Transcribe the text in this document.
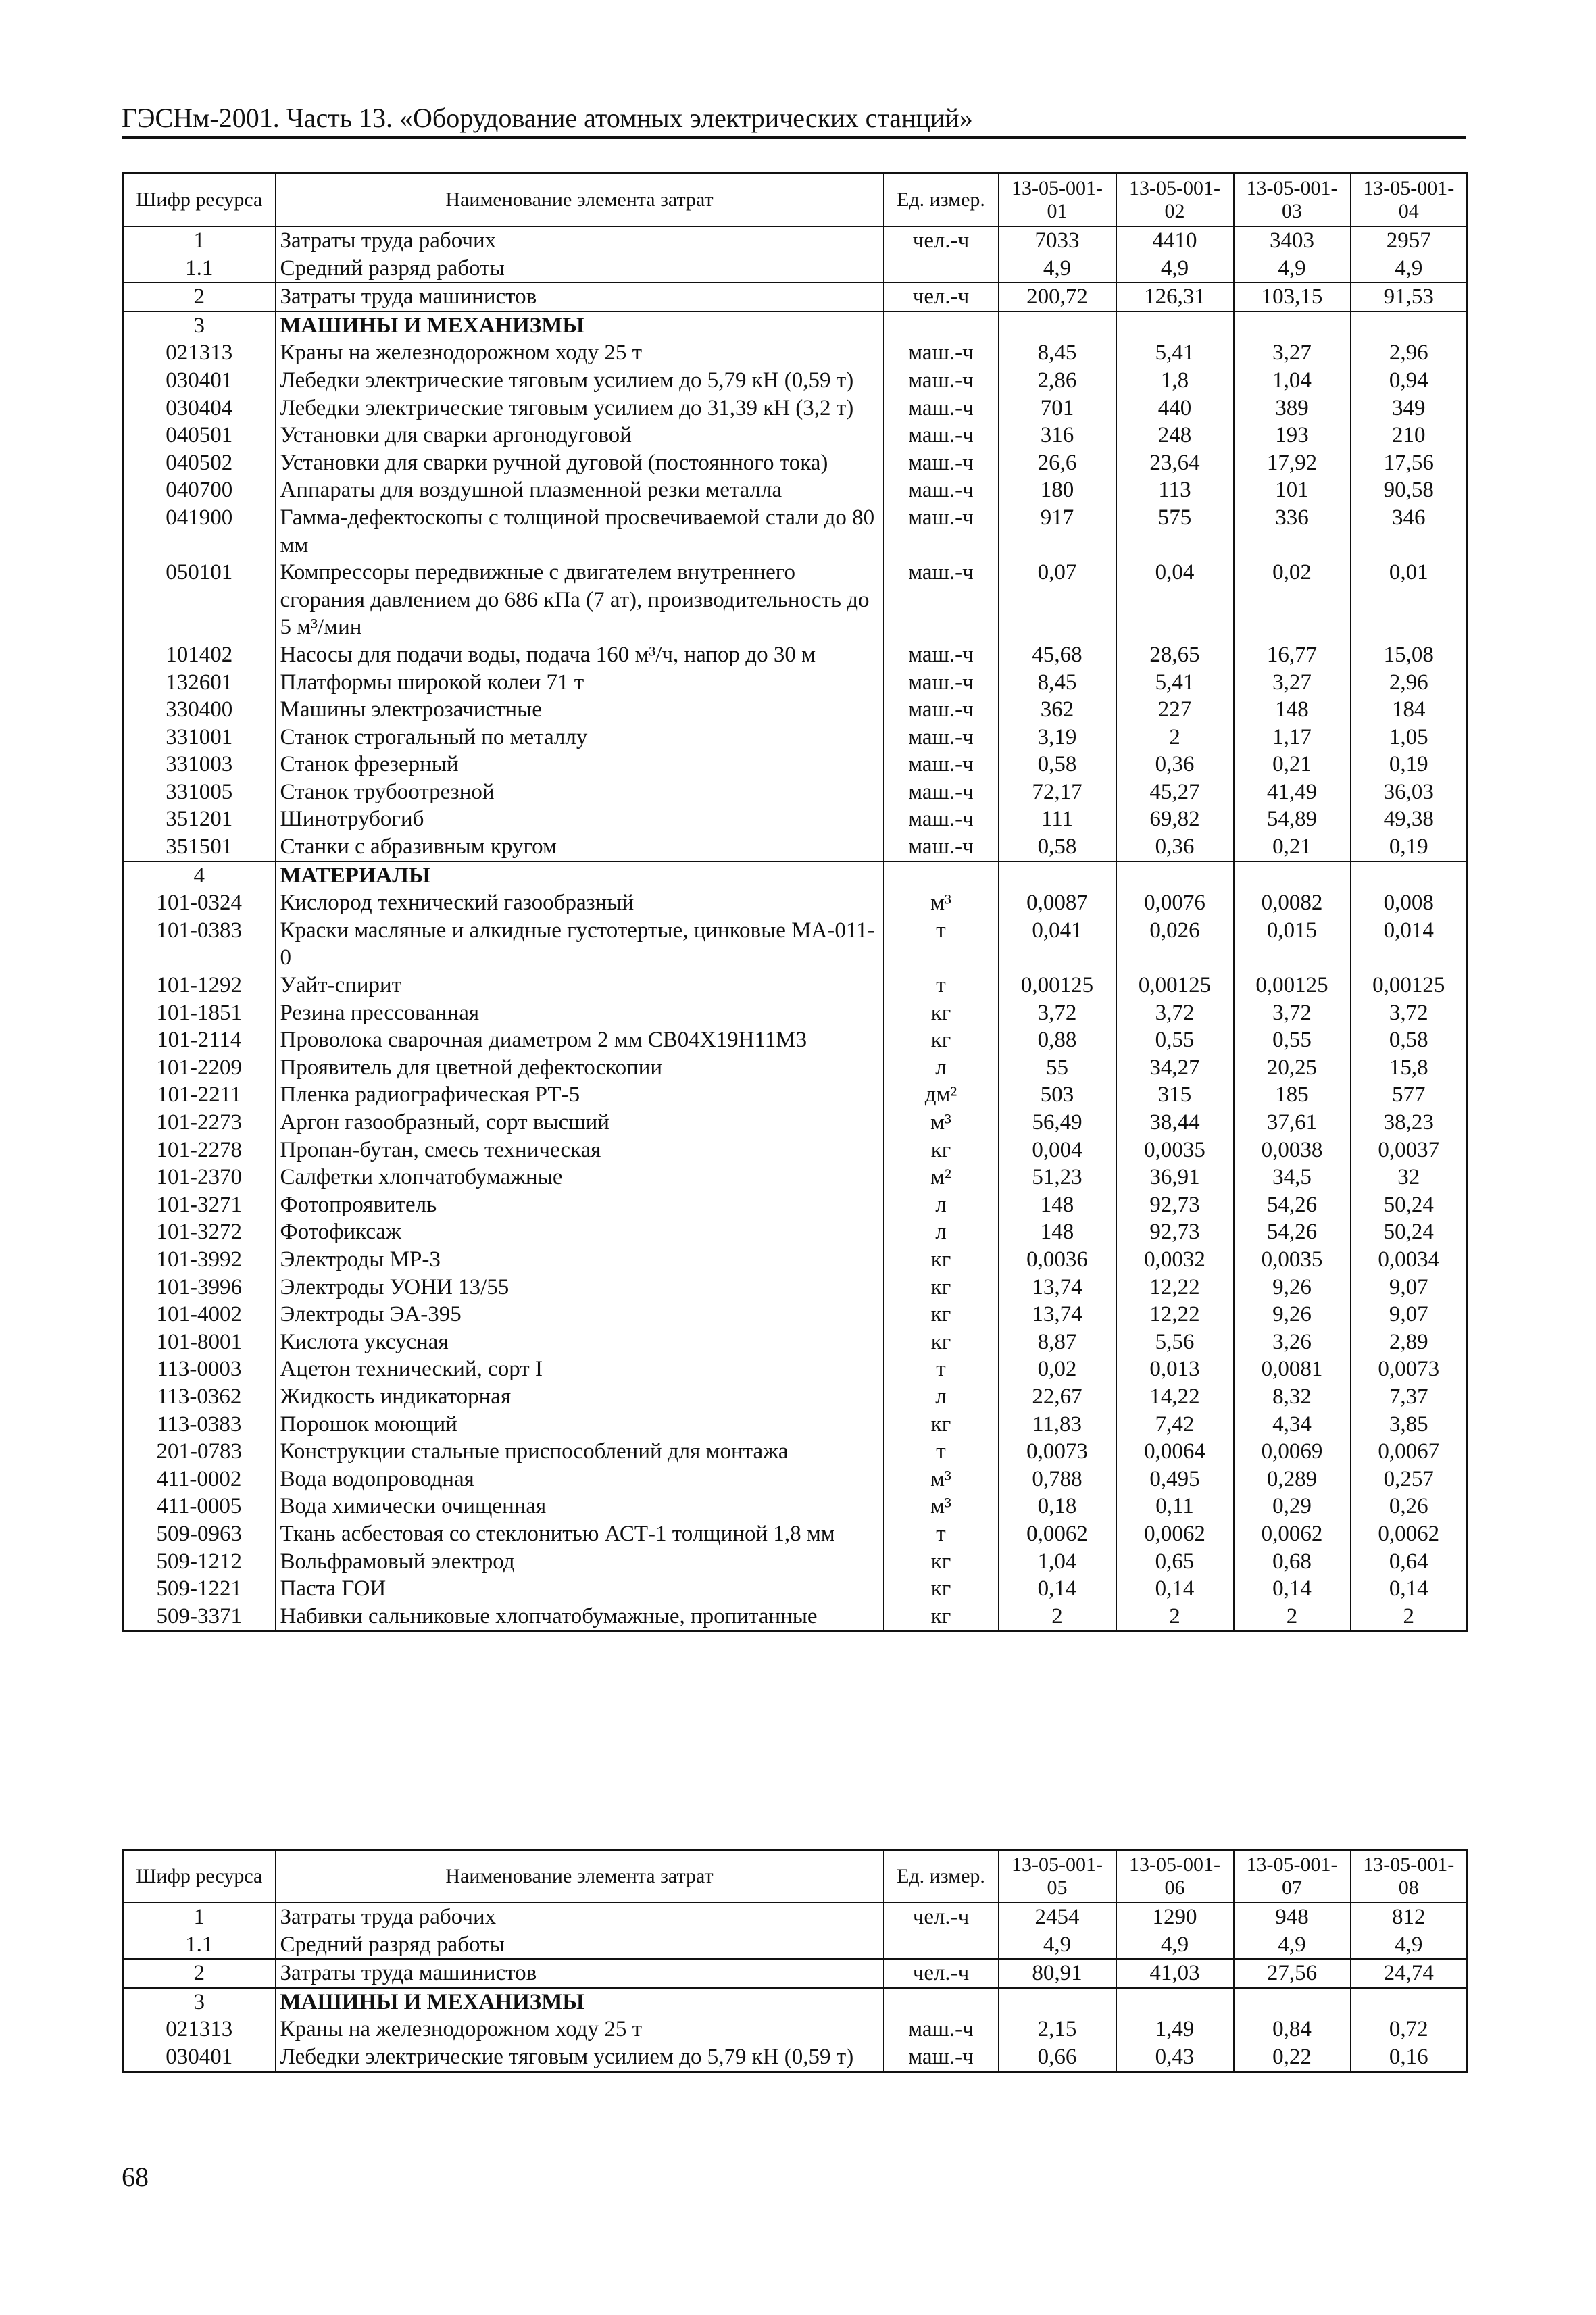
ГЭСНм-2001. Часть 13. «Оборудование атомных электрических станций»
Шифр ресурса	Наименование элемента затрат	Ед. измер.	13-05-001-01	13-05-001-02	13-05-001-03	13-05-001-04
1	Затраты труда рабочих	чел.-ч	7033	4410	3403	2957
1.1	Средний разряд работы		4,9	4,9	4,9	4,9
2	Затраты труда машинистов	чел.-ч	200,72	126,31	103,15	91,53
3	МАШИНЫ И МЕХАНИЗМЫ					
021313	Краны на железнодорожном ходу 25 т	маш.-ч	8,45	5,41	3,27	2,96
030401	Лебедки электрические тяговым усилием до 5,79 кН (0,59 т)	маш.-ч	2,86	1,8	1,04	0,94
030404	Лебедки электрические тяговым усилием до 31,39 кН (3,2 т)	маш.-ч	701	440	389	349
040501	Установки для сварки аргонодуговой	маш.-ч	316	248	193	210
040502	Установки для сварки ручной дуговой (постоянного тока)	маш.-ч	26,6	23,64	17,92	17,56
040700	Аппараты для воздушной плазменной резки металла	маш.-ч	180	113	101	90,58
041900	Гамма-дефектоскопы с толщиной просвечиваемой стали до 80 мм	маш.-ч	917	575	336	346
050101	Компрессоры передвижные с двигателем внутреннего сгорания давлением до 686 кПа (7 ат), производительность до 5 м³/мин	маш.-ч	0,07	0,04	0,02	0,01
101402	Насосы для подачи воды, подача 160 м³/ч, напор до 30 м	маш.-ч	45,68	28,65	16,77	15,08
132601	Платформы широкой колеи 71 т	маш.-ч	8,45	5,41	3,27	2,96
330400	Машины электрозачистные	маш.-ч	362	227	148	184
331001	Станок строгальный по металлу	маш.-ч	3,19	2	1,17	1,05
331003	Станок фрезерный	маш.-ч	0,58	0,36	0,21	0,19
331005	Станок трубоотрезной	маш.-ч	72,17	45,27	41,49	36,03
351201	Шинотрубогиб	маш.-ч	111	69,82	54,89	49,38
351501	Станки с абразивным кругом	маш.-ч	0,58	0,36	0,21	0,19
4	МАТЕРИАЛЫ					
101-0324	Кислород технический газообразный	м³	0,0087	0,0076	0,0082	0,008
101-0383	Краски масляные и алкидные густотертые, цинковые МА-011-0	т	0,041	0,026	0,015	0,014
101-1292	Уайт-спирит	т	0,00125	0,00125	0,00125	0,00125
101-1851	Резина прессованная	кг	3,72	3,72	3,72	3,72
101-2114	Проволока сварочная диаметром 2 мм СВ04Х19Н11М3	кг	0,88	0,55	0,55	0,58
101-2209	Проявитель для цветной дефектоскопии	л	55	34,27	20,25	15,8
101-2211	Пленка радиографическая РТ-5	дм²	503	315	185	577
101-2273	Аргон газообразный, сорт высший	м³	56,49	38,44	37,61	38,23
101-2278	Пропан-бутан, смесь техническая	кг	0,004	0,0035	0,0038	0,0037
101-2370	Салфетки хлопчатобумажные	м²	51,23	36,91	34,5	32
101-3271	Фотопроявитель	л	148	92,73	54,26	50,24
101-3272	Фотофиксаж	л	148	92,73	54,26	50,24
101-3992	Электроды МР-3	кг	0,0036	0,0032	0,0035	0,0034
101-3996	Электроды УОНИ 13/55	кг	13,74	12,22	9,26	9,07
101-4002	Электроды ЭА-395	кг	13,74	12,22	9,26	9,07
101-8001	Кислота уксусная	кг	8,87	5,56	3,26	2,89
113-0003	Ацетон технический, сорт I	т	0,02	0,013	0,0081	0,0073
113-0362	Жидкость индикаторная	л	22,67	14,22	8,32	7,37
113-0383	Порошок моющий	кг	11,83	7,42	4,34	3,85
201-0783	Конструкции стальные приспособлений для монтажа	т	0,0073	0,0064	0,0069	0,0067
411-0002	Вода водопроводная	м³	0,788	0,495	0,289	0,257
411-0005	Вода химически очищенная	м³	0,18	0,11	0,29	0,26
509-0963	Ткань асбестовая со стеклонитью АСТ-1 толщиной 1,8 мм	т	0,0062	0,0062	0,0062	0,0062
509-1212	Вольфрамовый электрод	кг	1,04	0,65	0,68	0,64
509-1221	Паста ГОИ	кг	0,14	0,14	0,14	0,14
509-3371	Набивки сальниковые хлопчатобумажные, пропитанные	кг	2	2	2	2
Шифр ресурса	Наименование элемента затрат	Ед. измер.	13-05-001-05	13-05-001-06	13-05-001-07	13-05-001-08
1	Затраты труда рабочих	чел.-ч	2454	1290	948	812
1.1	Средний разряд работы		4,9	4,9	4,9	4,9
2	Затраты труда машинистов	чел.-ч	80,91	41,03	27,56	24,74
3	МАШИНЫ И МЕХАНИЗМЫ					
021313	Краны на железнодорожном ходу 25 т	маш.-ч	2,15	1,49	0,84	0,72
030401	Лебедки электрические тяговым усилием до 5,79 кН (0,59 т)	маш.-ч	0,66	0,43	0,22	0,16
68
